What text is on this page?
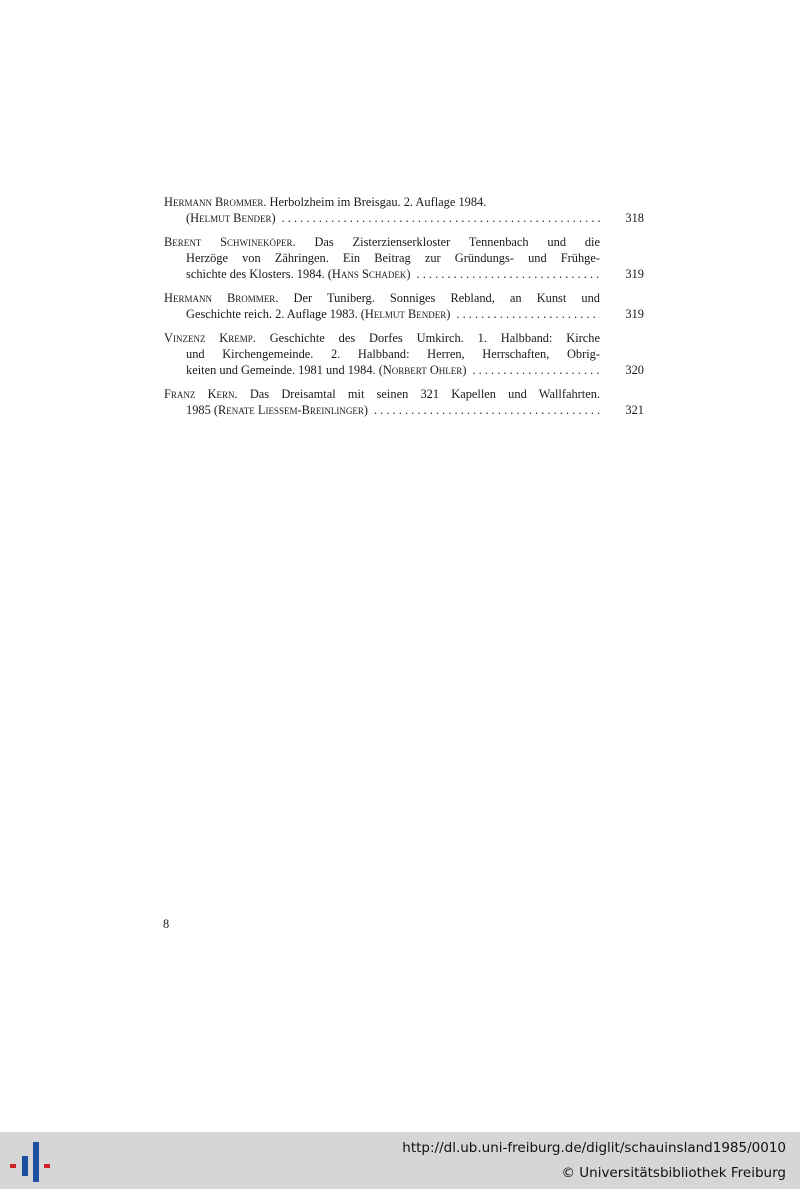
Hermann Brommer. Herbolzheim im Breisgau. 2. Auflage 1984.
( Helmut Bender ) . . .	318
Berent Schwineköper. Das Zisterzienserkloster Tennenbach und die
Herzöge von Zähringen. Ein Beitrag zur Gründungs- und Frühge-
schichte des Klosters. 1984. ( Hans Schadek ) . . .	319
Hermann Brommer. Der Tuniberg. Sonniges Rebland, an Kunst und
Geschichte reich. 2. Auflage 1983. ( Helmut Bender ) . . .	319
Vinzenz Kremp. Geschichte des Dorfes Umkirch. 1. Halbband: Kirche
und Kirchengemeinde. 2. Halbband: Herren, Herrschaften, Obrig-
keiten und Gemeinde. 1981 und 1984. ( Norbert Ohler ) . . .	320
Franz Kern. Das Dreisamtal mit seinen 321 Kapellen und Wallfahrten.
1985 ( Renate Liessem-Breinlinger ) . . .	321
8
http://dl.ub.uni-freiburg.de/diglit/schauinsland1985/0010
© Universitätsbibliothek Freiburg
